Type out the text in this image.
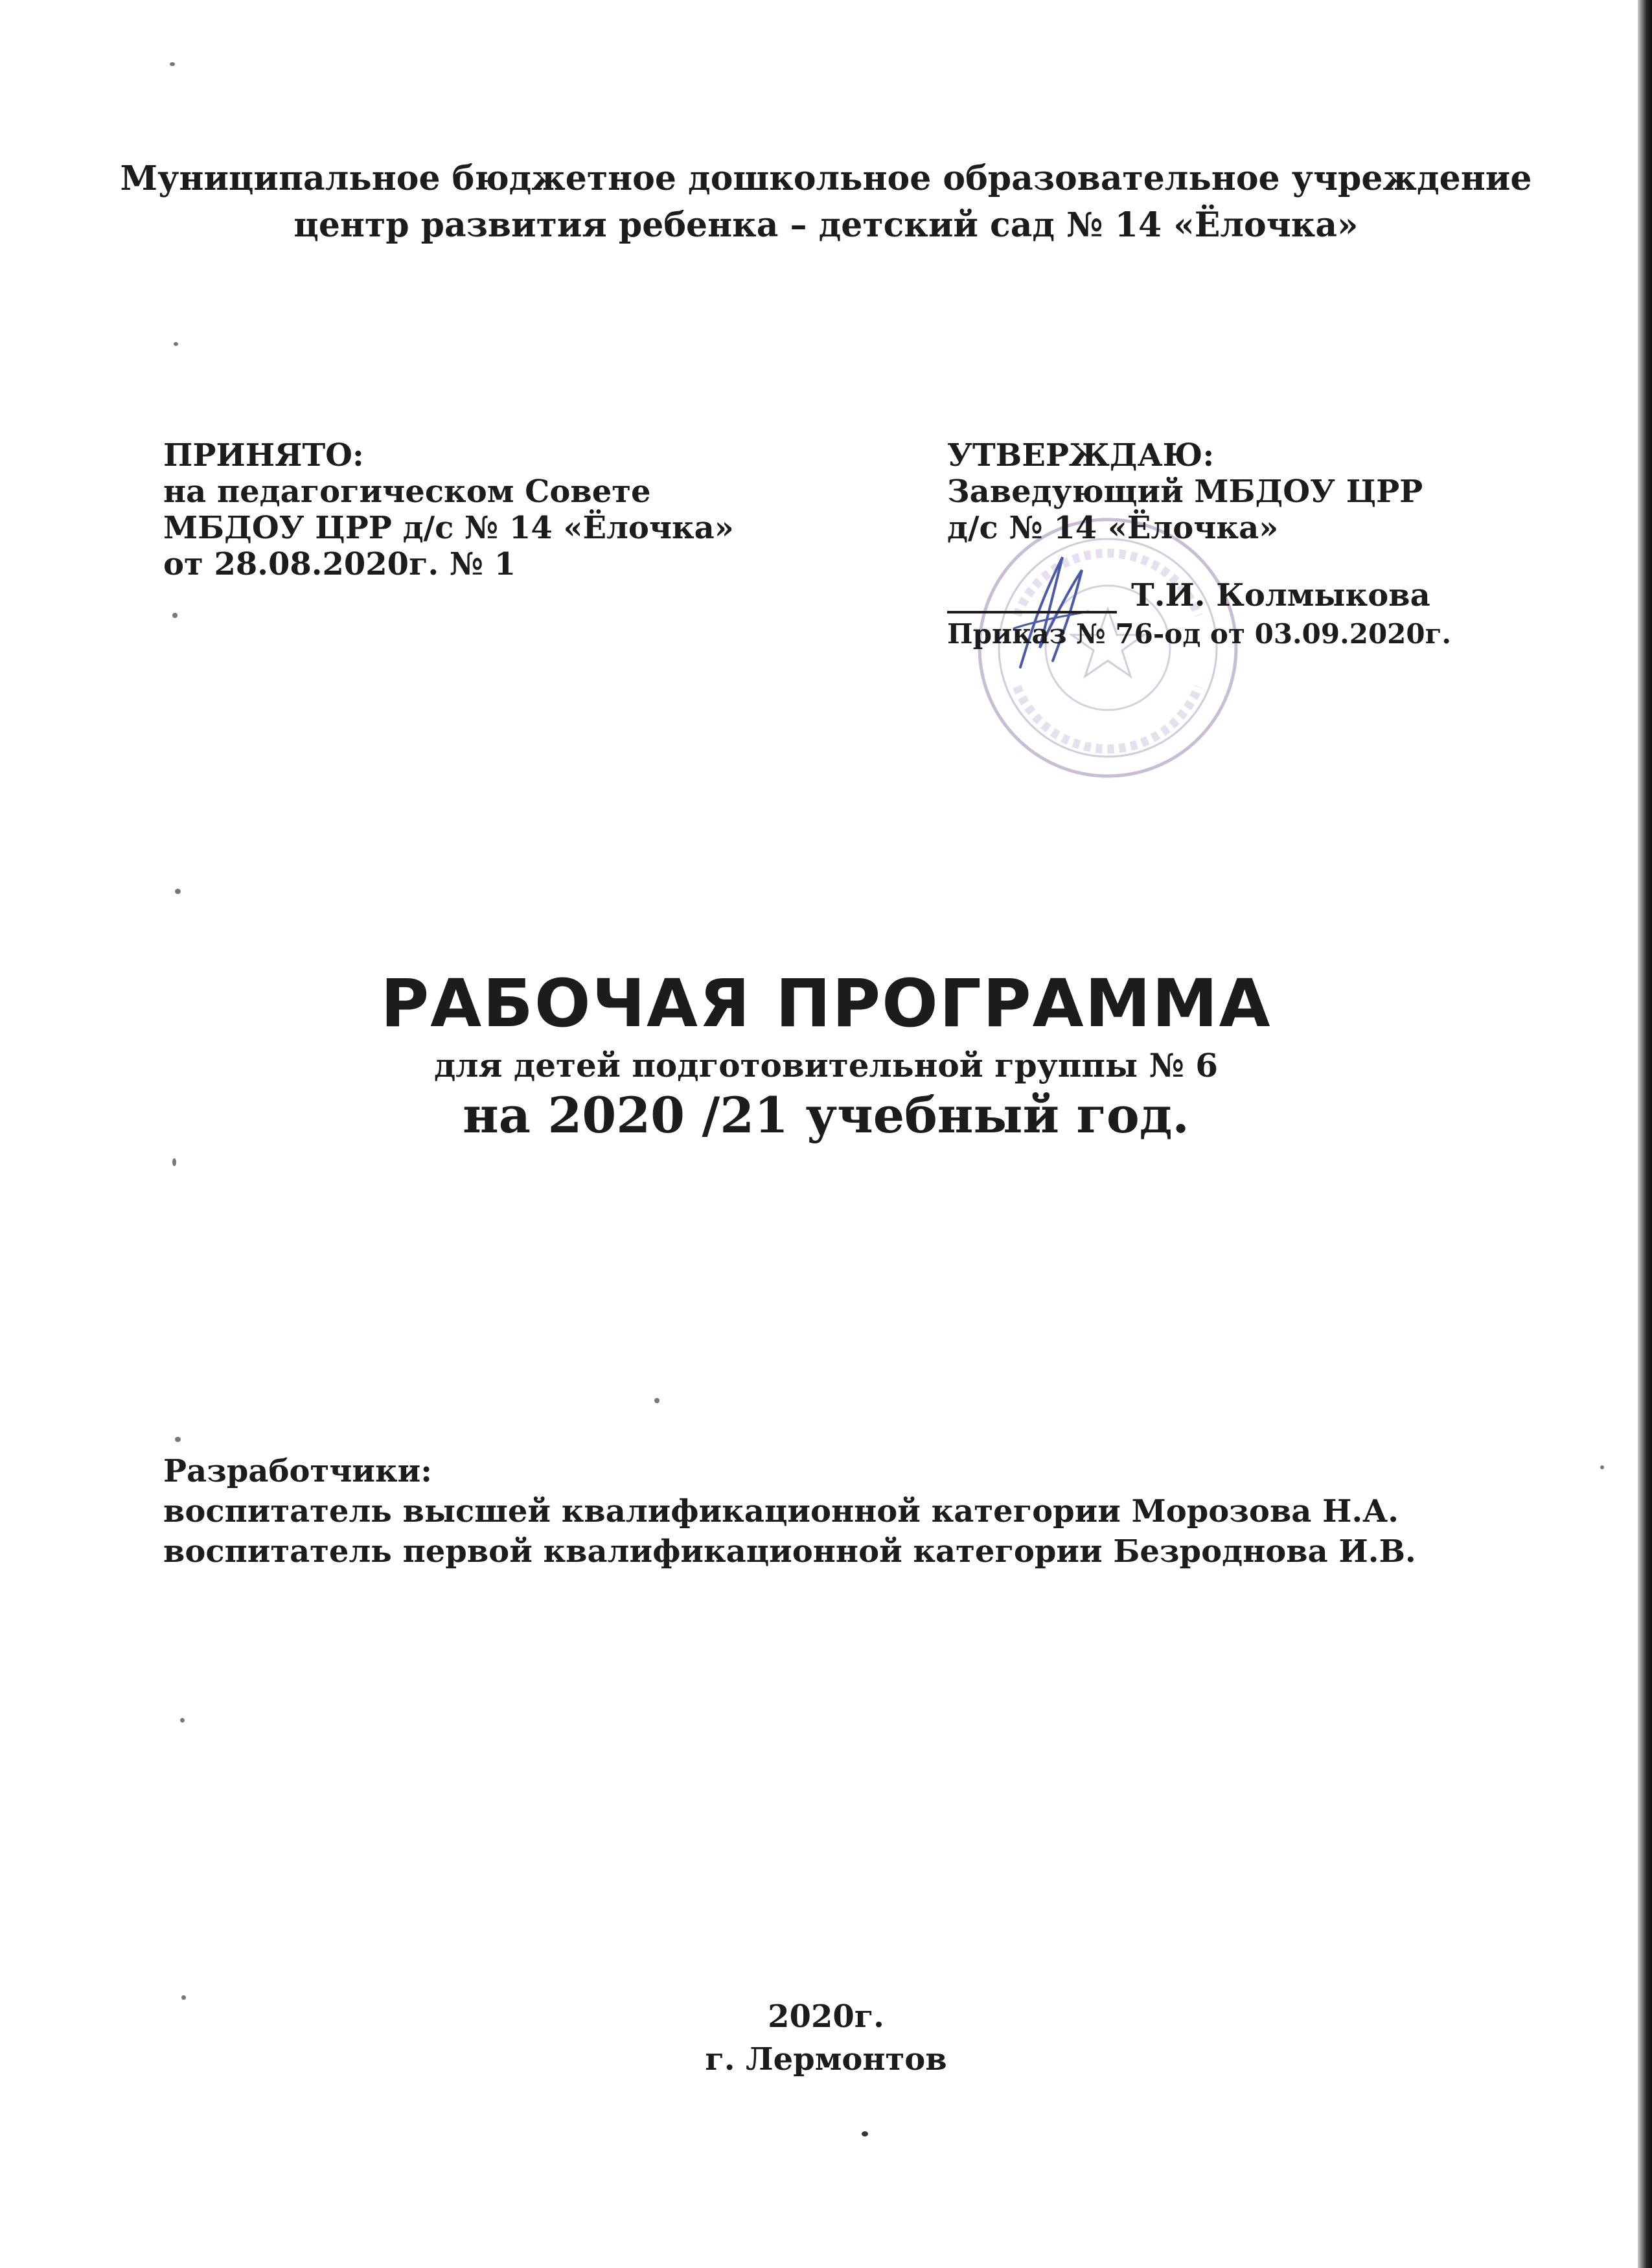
Муниципальное бюджетное дошкольное образовательное учреждение
центр развития ребенка – детский сад № 14 «Ёлочка»
ПРИНЯТО:
на педагогическом Совете
МБДОУ ЦРР д/с № 14 «Ёлочка»
от 28.08.2020г. № 1
УТВЕРЖДАЮ:
Заведующий МБДОУ ЦРР
д/с № 14 «Ёлочка»
Т.И. Колмыкова
Приказ № 76-од от 03.09.2020г.
РАБОЧАЯ ПРОГРАММА
для детей подготовительной группы № 6
на 2020 /21 учебный год.
Разработчики:
воспитатель высшей квалификационной категории Морозова Н.А.
воспитатель первой квалификационной категории Безроднова И.В.
2020г.
г. Лермонтов
